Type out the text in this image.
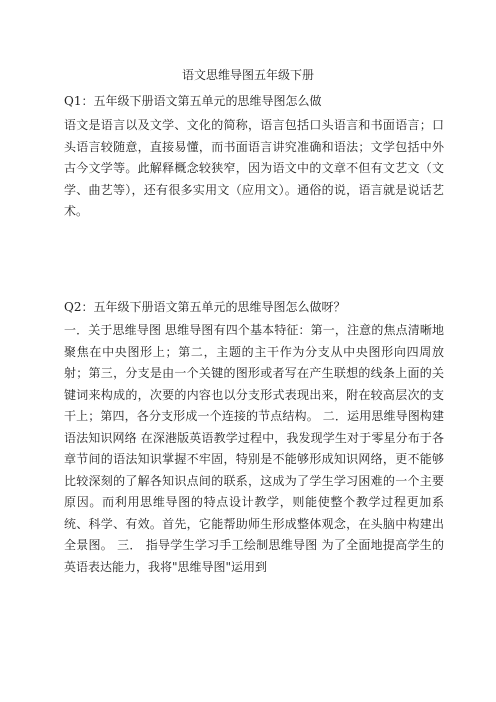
语文思维导图五年级下册
Q1：五年级下册语文第五单元的思维导图怎么做
语文是语言以及文学、文化的简称，语言包括口头语言和书面语言；口头语言较随意，直接易懂，而书面语言讲究准确和语法；文学包括中外古今文学等。此解释概念较狭窄，因为语文中的文章不但有文艺文（文学、曲艺等），还有很多实用文（应用文）。通俗的说，语言就是说话艺术。
Q2：五年级下册语文第五单元的思维导图怎么做呀？
一．关于思维导图 思维导图有四个基本特征：第一，注意的焦点清晰地聚焦在中央图形上；第二，主题的主干作为分支从中央图形向四周放射；第三，分支是由一个关键的图形或者写在产生联想的线条上面的关键词来构成的，次要的内容也以分支形式表现出来，附在较高层次的支干上；第四，各分支形成一个连接的节点结构。 二．运用思维导图构建语法知识网络 在深港版英语教学过程中，我发现学生对于零星分布于各章节间的语法知识掌握不牢固，特别是不能够形成知识网络，更不能够比较深刻的了解各知识点间的联系，这成为了学生学习困难的一个主要原因。而利用思维导图的特点设计教学，则能使整个教学过程更加系统、科学、有效。首先，它能帮助师生形成整体观念，在头脑中构建出全景图。 三． 指导学生学习手工绘制思维导图 为了全面地提高学生的英语表达能力，我将"思维导图"运用到
